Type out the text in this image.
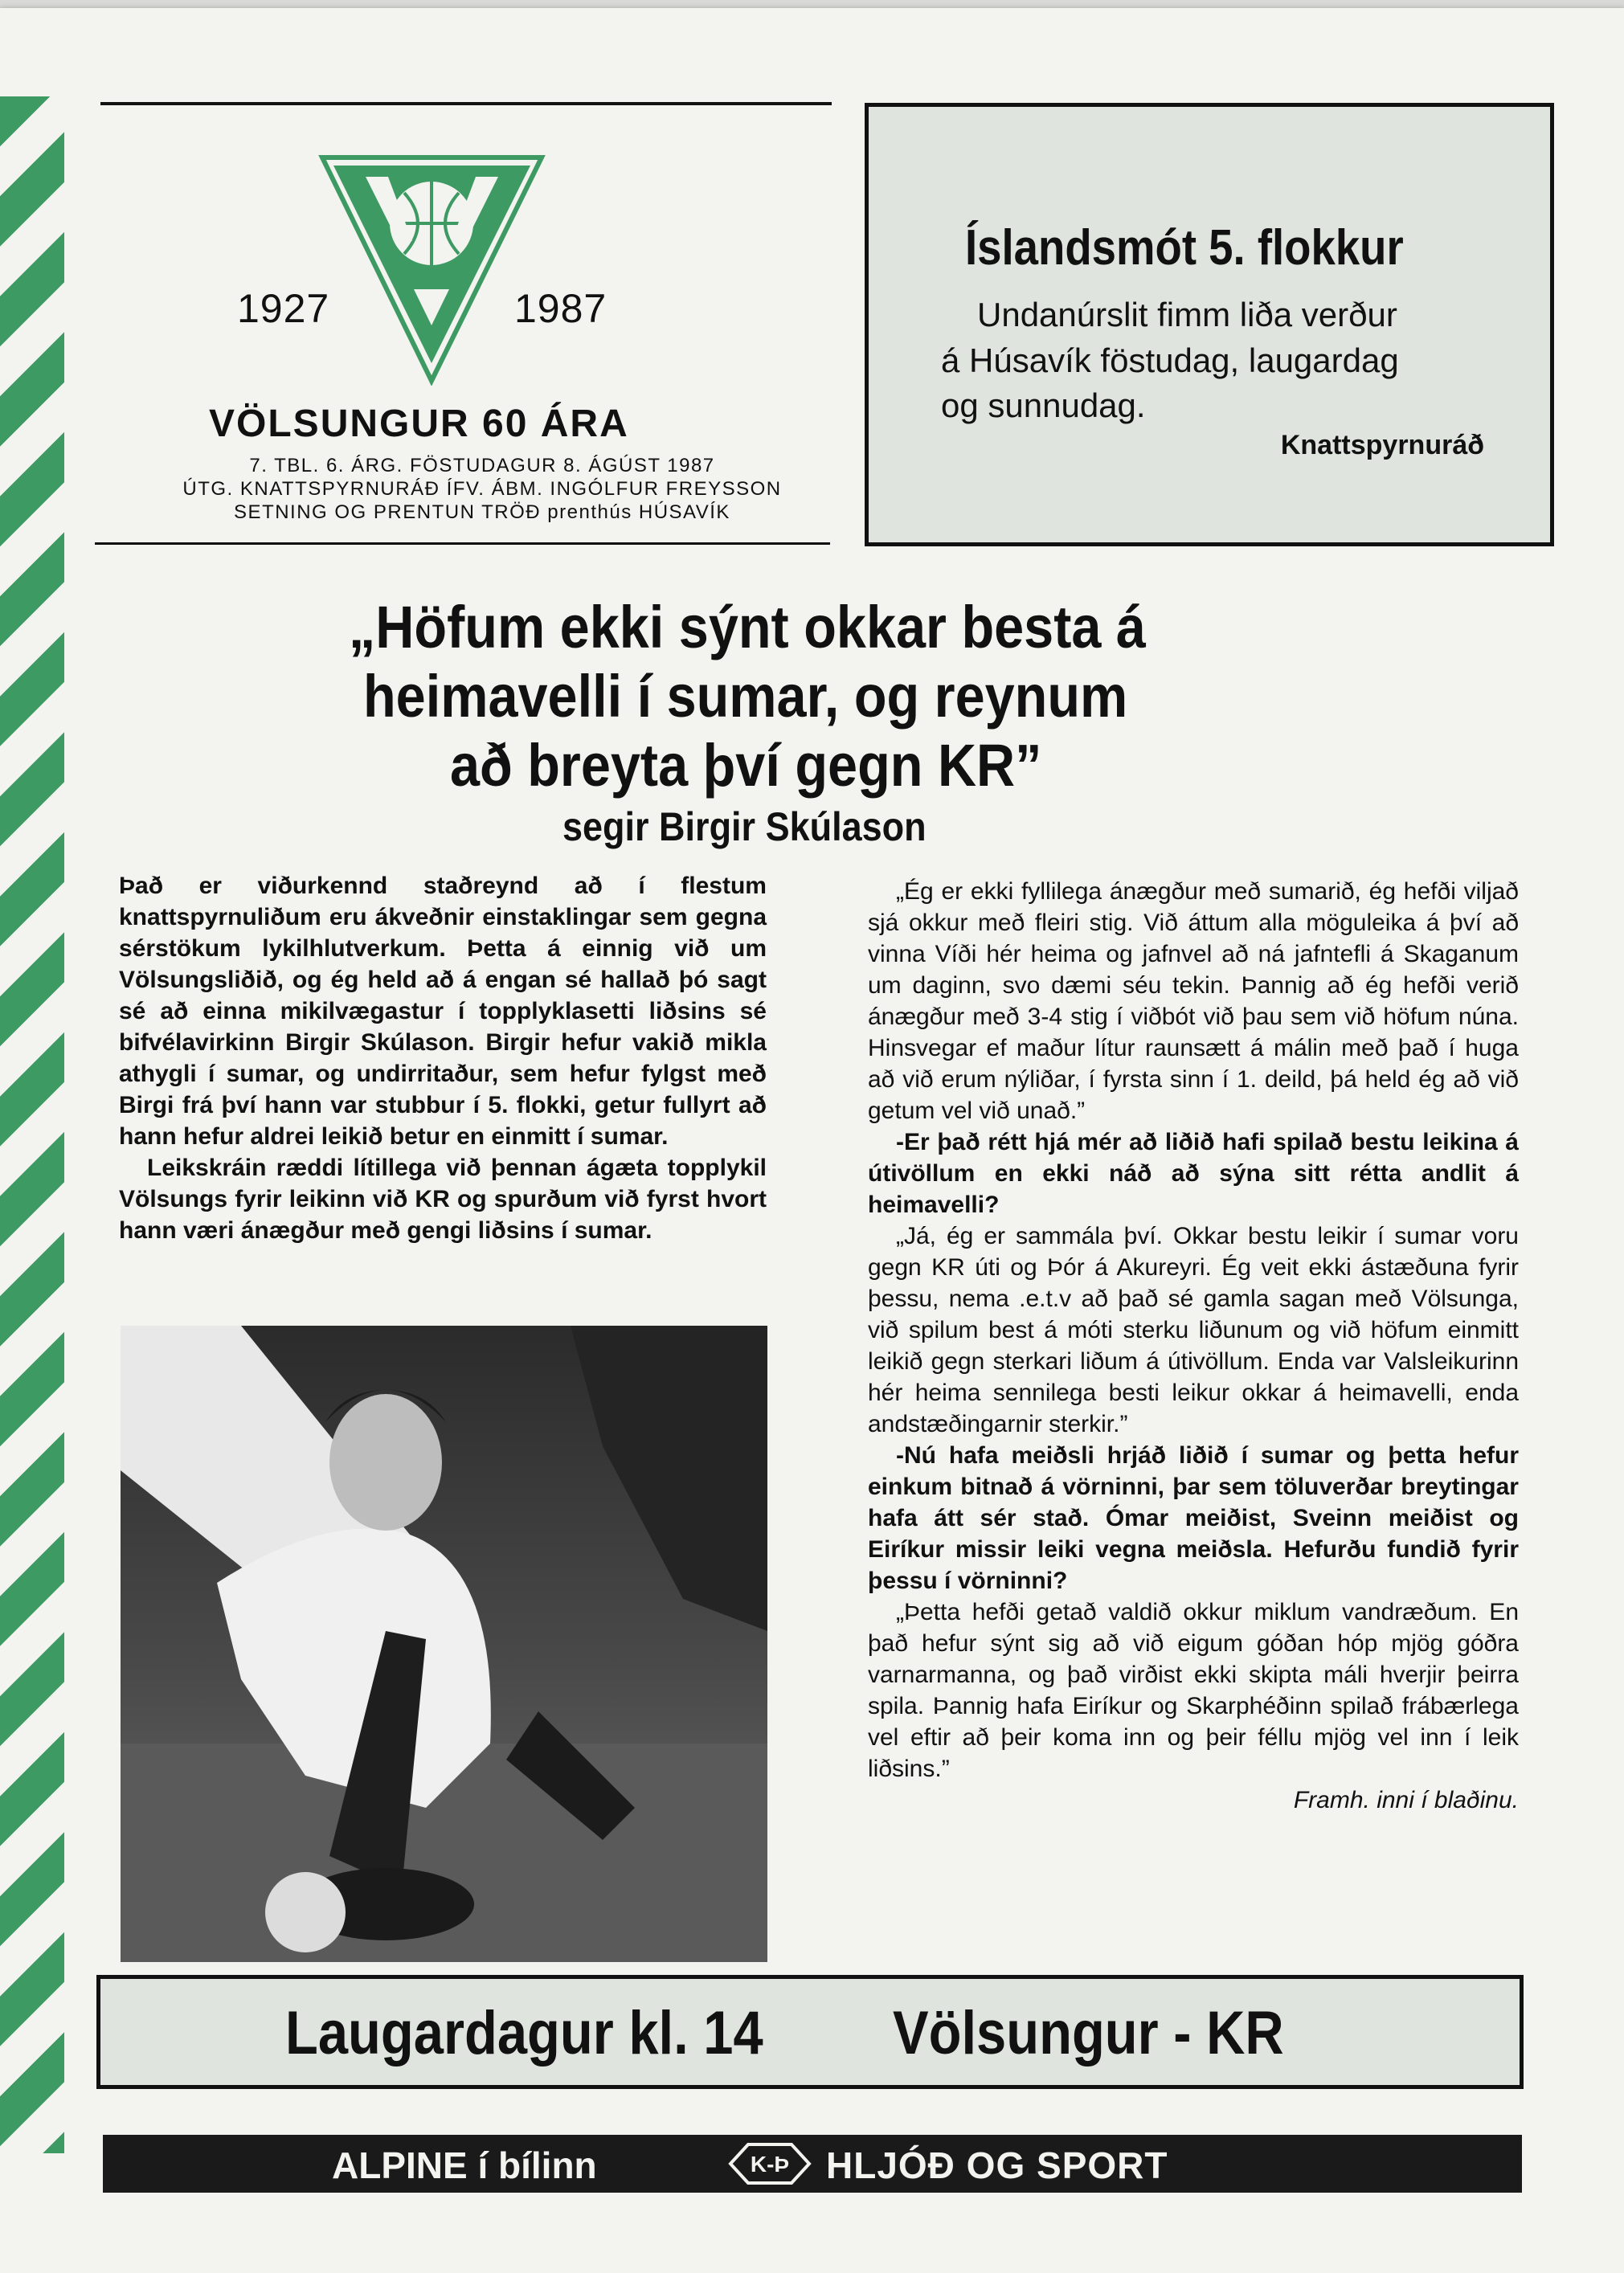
1927	1987
VÖLSUNGUR 60 ÁRA
7. TBL. 6. ÁRG. FÖSTUDAGUR 8. ÁGÚST 1987
ÚTG. KNATTSPYRNURÁÐ ÍFV. ÁBM. INGÓLFUR FREYSSON
SETNING OG PRENTUN TRÖÐ prenthús HÚSAVÍK
Íslandsmót 5. flokkur
Undanúrslit fimm liða verður
á Húsavík föstudag, laugardag
og sunnudag.
Knattspyrnuráð
„Höfum ekki sýnt okkar besta á
heimavelli í sumar, og reynum
að breyta því gegn KR”
segir Birgir Skúlason

Það er viðurkennd staðreynd að í flestum knattspyrnuliðum eru ákveðnir einstaklingar sem gegna sérstökum lykilhlutverkum. Þetta á einnig við um Völsungsliðið, og ég held að á engan sé hallað þó sagt sé að einna mikilvægastur í topplyklasetti liðsins sé bifvélavirkinn Birgir Skúlason. Birgir hefur vakið mikla athygli í sumar, og undirritaður, sem hefur fylgst með Birgi frá því hann var stubbur í 5. flokki, getur fullyrt að hann hefur aldrei leikið betur en einmitt í sumar.

Leikskráin ræddi lítillega við þennan ágæta topplykil Völsungs fyrir leikinn við KR og spurðum við fyrst hvort hann væri ánægður með gengi liðsins í sumar.

„Ég er ekki fyllilega ánægður með sumarið, ég hefði viljað sjá okkur með fleiri stig. Við áttum alla möguleika á því að vinna Víði hér heima og jafnvel að ná jafntefli á Skaganum um daginn, svo dæmi séu tekin. Þannig að ég hefði verið ánægður með 3-4 stig í viðbót við þau sem við höfum núna. Hinsvegar ef maður lítur raunsætt á málin með það í huga að við erum nýliðar, í fyrsta sinn í 1. deild, þá held ég að við getum vel við unað.”

-Er það rétt hjá mér að liðið hafi spilað bestu leikina á útivöllum en ekki náð að sýna sitt rétta andlit á heimavelli?

„Já, ég er sammála því. Okkar bestu leikir í sumar voru gegn KR úti og Þór á Akureyri. Ég veit ekki ástæðuna fyrir þessu, nema .e.t.v að það sé gamla sagan með Völsunga, við spilum best á móti sterku liðunum og við höfum einmitt leikið gegn sterkari liðum á útivöllum. Enda var Valsleikurinn hér heima sennilega besti leikur okkar á heimavelli, enda andstæðingarnir sterkir.”

-Nú hafa meiðsli hrjáð liðið í sumar og þetta hefur einkum bitnað á vörninni, þar sem töluverðar breytingar hafa átt sér stað. Ómar meiðist, Sveinn meiðist og Eiríkur missir leiki vegna meiðsla. Hefurðu fundið fyrir þessu í vörninni?

„Þetta hefði getað valdið okkur miklum vandræðum. En það hefur sýnt sig að við eigum góðan hóp mjög góðra varnarmanna, og það virðist ekki skipta máli hverjir þeirra spila. Þannig hafa Eiríkur og Skarphéðinn spilað frábærlega vel eftir að þeir koma inn og þeir féllu mjög vel inn í leik liðsins.”

Framh. inni í blaðinu.

Laugardagur kl. 14 Völsungur - KR
ALPINE í bílinn	K-Þ HLJÓÐ OG SPORT
